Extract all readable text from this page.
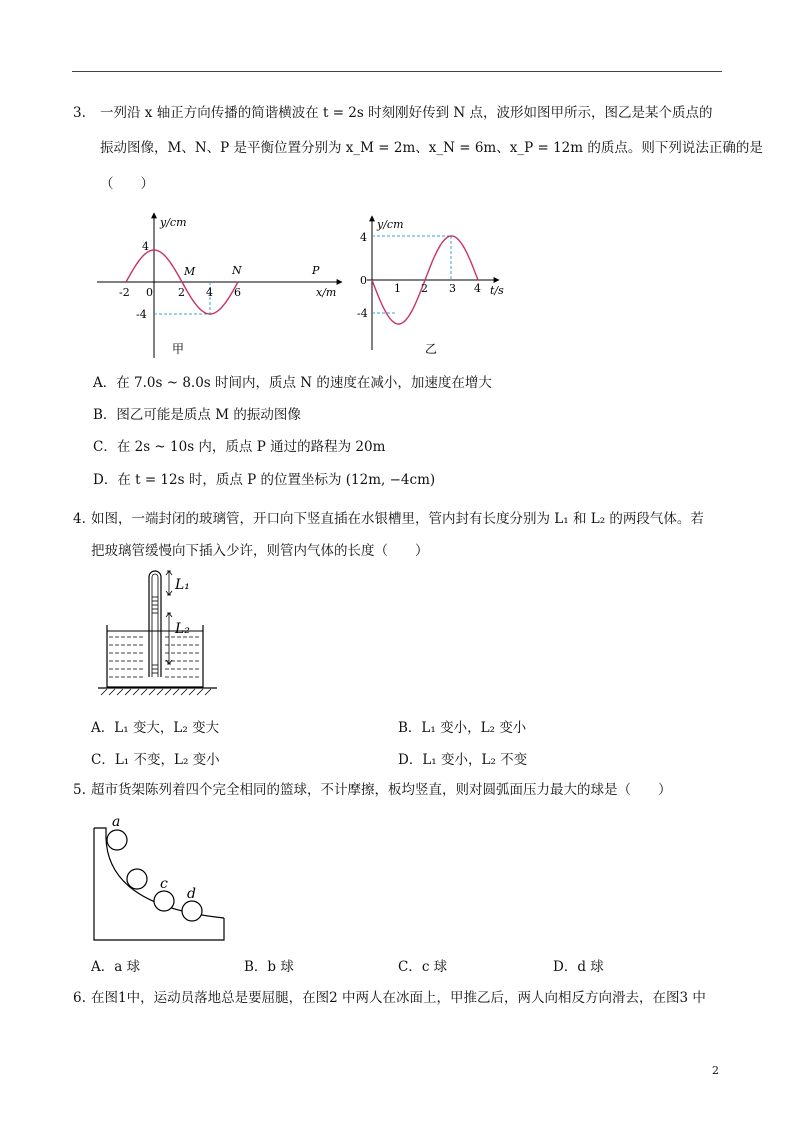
3. 一列沿 x 轴正方向传播的简谐横波在 t = 2s 时刻刚好传到 N 点，波形如图甲所示，图乙是某个质点的
振动图像，M、N、P 是平衡位置分别为 x_M = 2m、x_N = 6m、x_P = 12m 的质点。则下列说法正确的是
（　　）
y/cm
x/m
4
-4
-2 0 2 4 6
M	N	P
甲
y/cm
t/s
4
0
-4
1 2 3 4
乙
A．在 7.0s ~ 8.0s 时间内，质点 N 的速度在减小，加速度在增大
B．图乙可能是质点 M 的振动图像
C．在 2s ~ 10s 内，质点 P 通过的路程为 20m
D．在 t = 12s 时，质点 P 的位置坐标为 (12m, −4cm)
4. 如图，一端封闭的玻璃管，开口向下竖直插在水银槽里，管内封有长度分别为 L₁ 和 L₂ 的两段气体。若
把玻璃管缓慢向下插入少许，则管内气体的长度（　　）
L₁
L₂
A．L₁ 变大，L₂ 变大	B．L₁ 变小，L₂ 变小
C．L₁ 不变，L₂ 变小	D．L₁ 变小，L₂ 不变
5. 超市货架陈列着四个完全相同的篮球，不计摩擦，板均竖直，则对圆弧面压力最大的球是（　　）
a
c
d
A．a 球	B．b 球	C．c 球	D．d 球
6. 在图1中，运动员落地总是要屈腿，在图2 中两人在冰面上，甲推乙后，两人向相反方向滑去，在图3 中
2
